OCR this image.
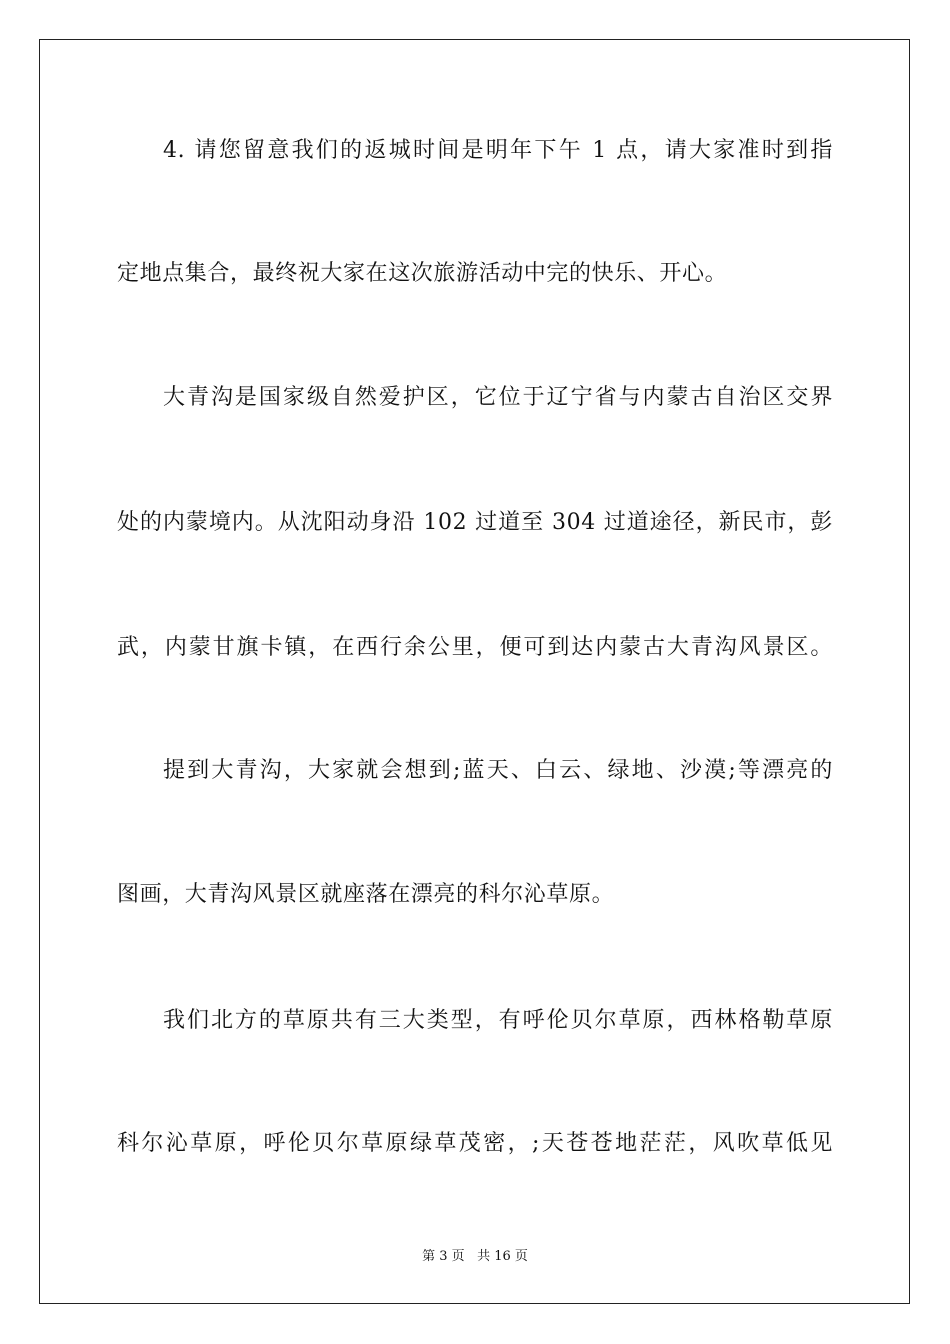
4. 请您留意我们的返城时间是明年下午 1 点，请大家准时到指
定地点集合，最终祝大家在这次旅游活动中完的快乐、开心。
大青沟是国家级自然爱护区，它位于辽宁省与内蒙古自治区交界
处的内蒙境内。从沈阳动身沿 102 过道至 304 过道途径，新民市，彭
武，内蒙甘旗卡镇，在西行余公里，便可到达内蒙古大青沟风景区。
提到大青沟，大家就会想到;蓝天、白云、绿地、沙漠;等漂亮的
图画，大青沟风景区就座落在漂亮的科尔沁草原。
我们北方的草原共有三大类型，有呼伦贝尔草原，西林格勒草原
科尔沁草原，呼伦贝尔草原绿草茂密，;天苍苍地茫茫，风吹草低见
第 3 页 共 16 页
